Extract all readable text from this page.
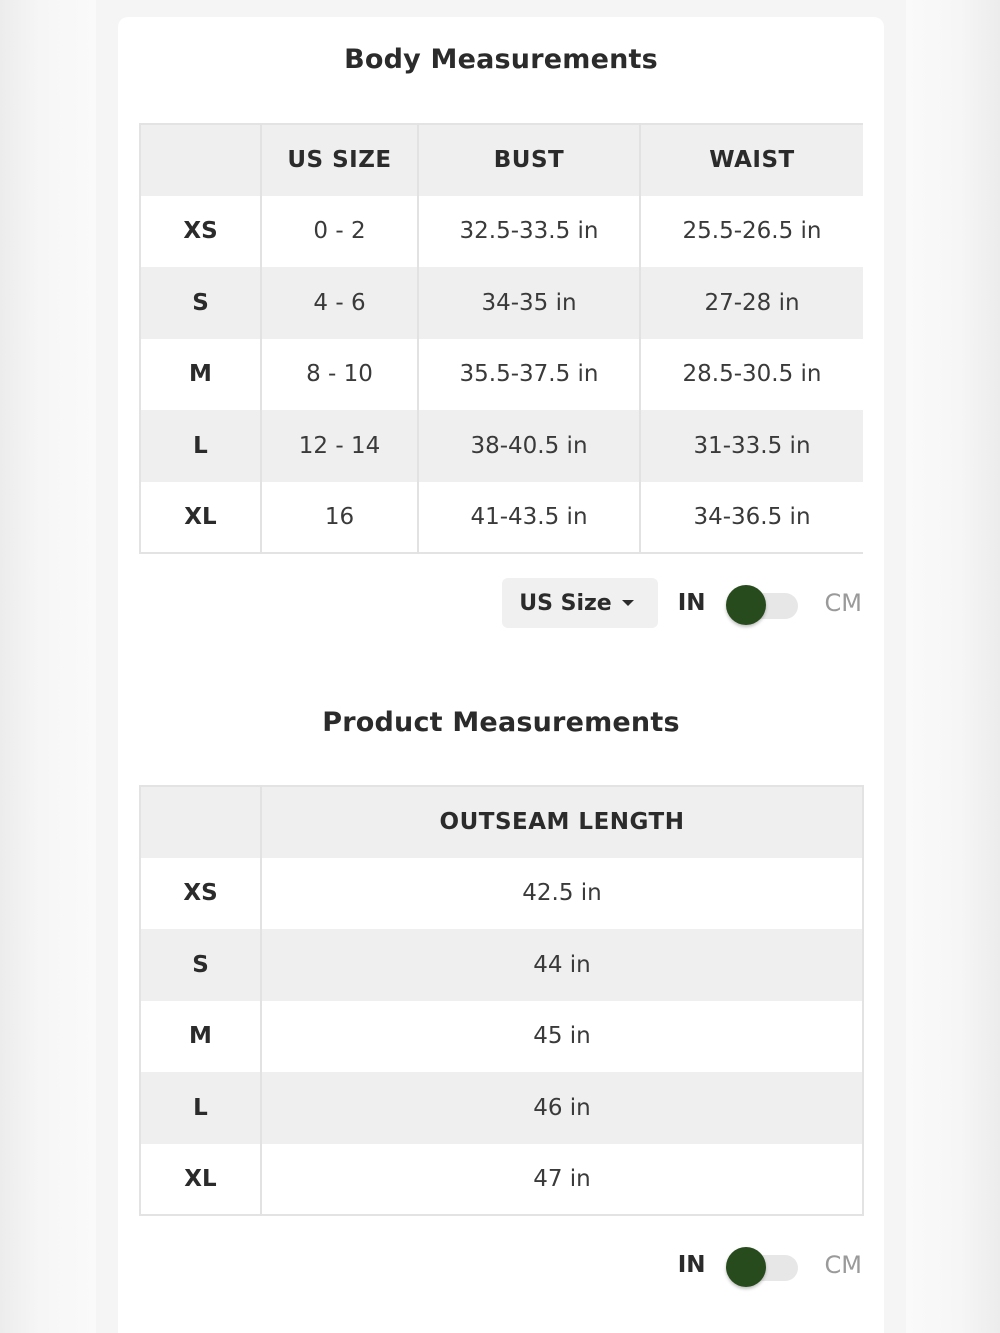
Body Measurements
	US SIZE	BUST	WAIST
XS	0 - 2	32.5-33.5 in	25.5-26.5 in
S	4 - 6	34-35 in	27-28 in
M	8 - 10	35.5-37.5 in	28.5-30.5 in
L	12 - 14	38-40.5 in	31-33.5 in
XL	16	41-43.5 in	34-36.5 in
US Size	IN	CM
Product Measurements
	OUTSEAM LENGTH
XS	42.5 in
S	44 in
M	45 in
L	46 in
XL	47 in
IN	CM
